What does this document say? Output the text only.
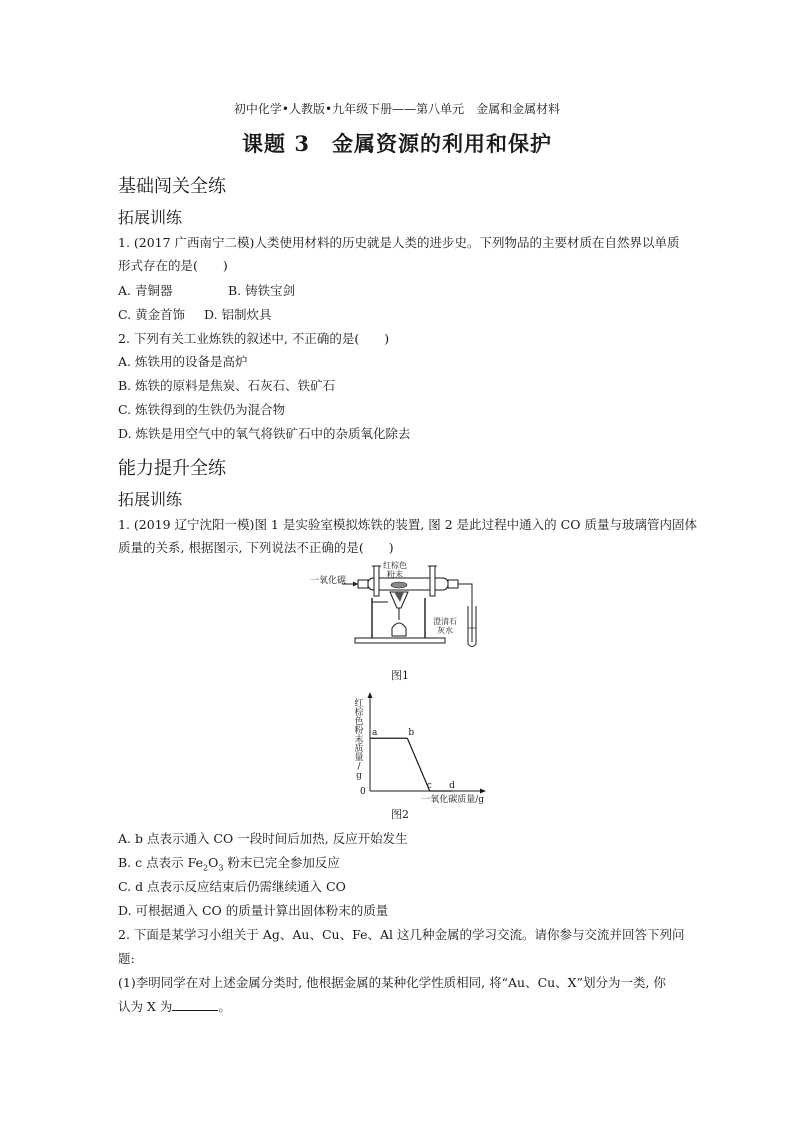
初中化学•人教版•九年级下册——第八单元　金属和金属材料
课题 3　金属资源的利用和保护
基础闯关全练
拓展训练
1. (2017 广西南宁二模)人类使用材料的历史就是人类的进步史。下列物品的主要材质在自然界以单质
形式存在的是(　　)
A. 青铜器	B. 铸铁宝剑
C. 黄金首饰 D. 铝制炊具
2. 下列有关工业炼铁的叙述中, 不正确的是(　　)
A. 炼铁用的设备是高炉
B. 炼铁的原料是焦炭、石灰石、铁矿石
C. 炼铁得到的生铁仍为混合物
D. 炼铁是用空气中的氧气将铁矿石中的杂质氧化除去
能力提升全练
拓展训练
1. (2019 辽宁沈阳一模)图 1 是实验室模拟炼铁的装置, 图 2 是此过程中通入的 CO 质量与玻璃管内固体
质量的关系, 根据图示, 下列说法不正确的是(　　)
一氧化碳
红棕色
粉末
澄清石
灰水
图1
0
红棕色粉末质量/ g
一氧化碳质量/g
a	b
c d
图2
A. b 点表示通入 CO 一段时间后加热, 反应开始发生
B. c 点表示 $Fe_2O_3$ 粉末已完全参加反应
C. d 点表示反应结束后仍需继续通入 CO
D. 可根据通入 CO 的质量计算出固体粉末的质量
2. 下面是某学习小组关于 Ag、Au、Cu、Fe、Al 这几种金属的学习交流。请你参与交流并回答下列问
题:
(1)李明同学在对上述金属分类时, 他根据金属的某种化学性质相同, 将“Au、Cu、X”划分为一类, 你
认为 X 为	。
